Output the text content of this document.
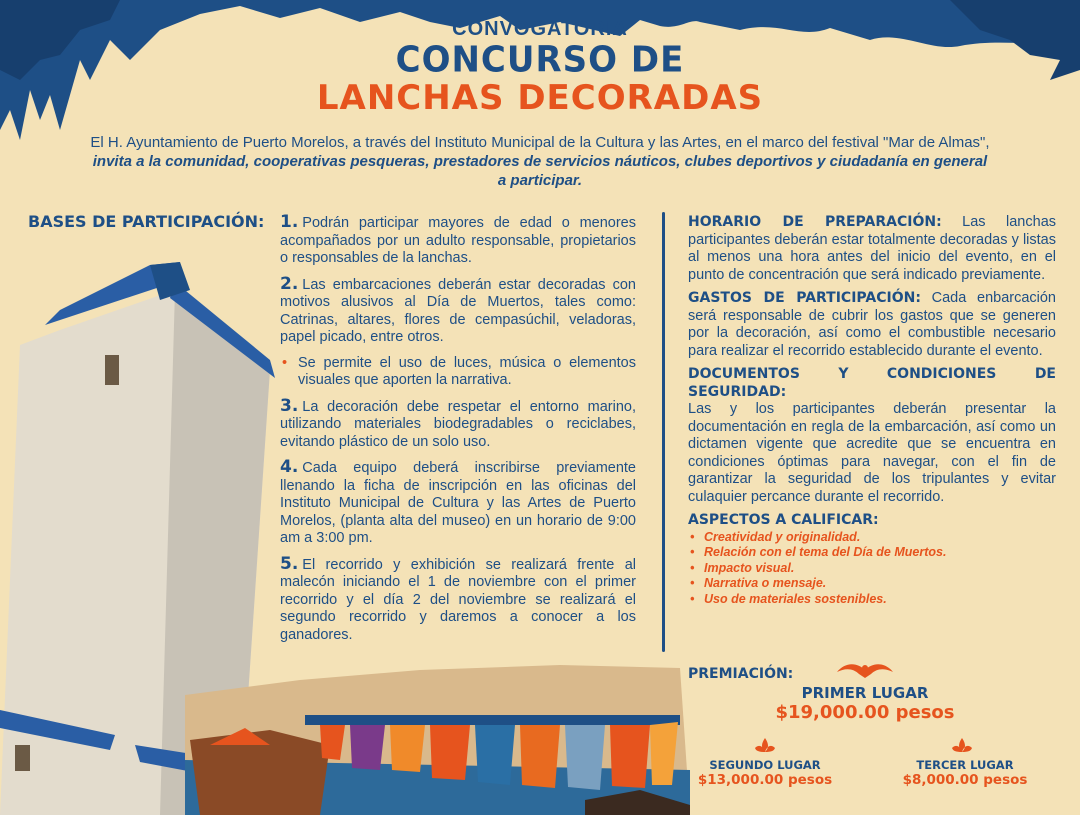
CONVOGATORIA
CONCURSO DE
LANCHAS DECORADAS
El H. Ayuntamiento de Puerto Morelos, a través del Instituto Municipal de la Cultura y las Artes, en el marco del festival "Mar de Almas", invita a la comunidad, cooperativas pesqueras, prestadores de servicios náuticos, clubes deportivos y ciudadanía en general a participar.
BASES DE PARTICIPACIÓN: 1. Podrán participar mayores de edad o menores acompañados por un adulto responsable, propietarios o responsables de la lanchas.
2. Las embarcaciones deberán estar decoradas con motivos alusivos al Día de Muertos, tales como: Catrinas, altares, flores de cempasúchil, veladoras, papel picado, entre otros.
• Se permite el uso de luces, música o elementos visuales que aporten la narrativa.
3. La decoración debe respetar el entorno marino, utilizando materiales biodegradables o reciclabes, evitando plástico de un solo uso.
4. Cada equipo deberá inscribirse previamente llenando la ficha de inscripción en las oficinas del Instituto Municipal de Cultura y las Artes de Puerto Morelos, (planta alta del museo) en un horario de 9:00 am a 3:00 pm.
5. El recorrido y exhibición se realizará frente al malecón iniciando el 1 de noviembre con el primer recorrido y el día 2 del noviembre se realizará el segundo recorrido y daremos a conocer a los ganadores.
HORARIO DE PREPARACIÓN: Las lanchas participantes deberán estar totalmente decoradas y listas al menos una hora antes del inicio del evento, en el punto de concentración que será indicado previamente.
GASTOS DE PARTICIPACIÓN: Cada enbarcación será responsable de cubrir los gastos que se generen por la decoración, así como el combustible necesario para realizar el recorrido establecido durante el evento.
DOCUMENTOS Y CONDICIONES DE SEGURIDAD:
Las y los participantes deberán presentar la documentación en regla de la embarcación, así como un dictamen vigente que acredite que se encuentra en condiciones óptimas para navegar, con el fin de garantizar la seguridad de los tripulantes y evitar culaquier percance durante el recorrido.
ASPECTOS A CALIFICAR:
• Creatividad y originalidad.
• Relación con el tema del Día de Muertos.
• Impacto visual.
• Narrativa o mensaje.
• Uso de materiales sostenibles.
PREMIACIÓN:
PRIMER LUGAR
$19,000.00 pesos
SEGUNDO LUGAR
$13,000.00 pesos
TERCER LUGAR
$8,000.00 pesos
